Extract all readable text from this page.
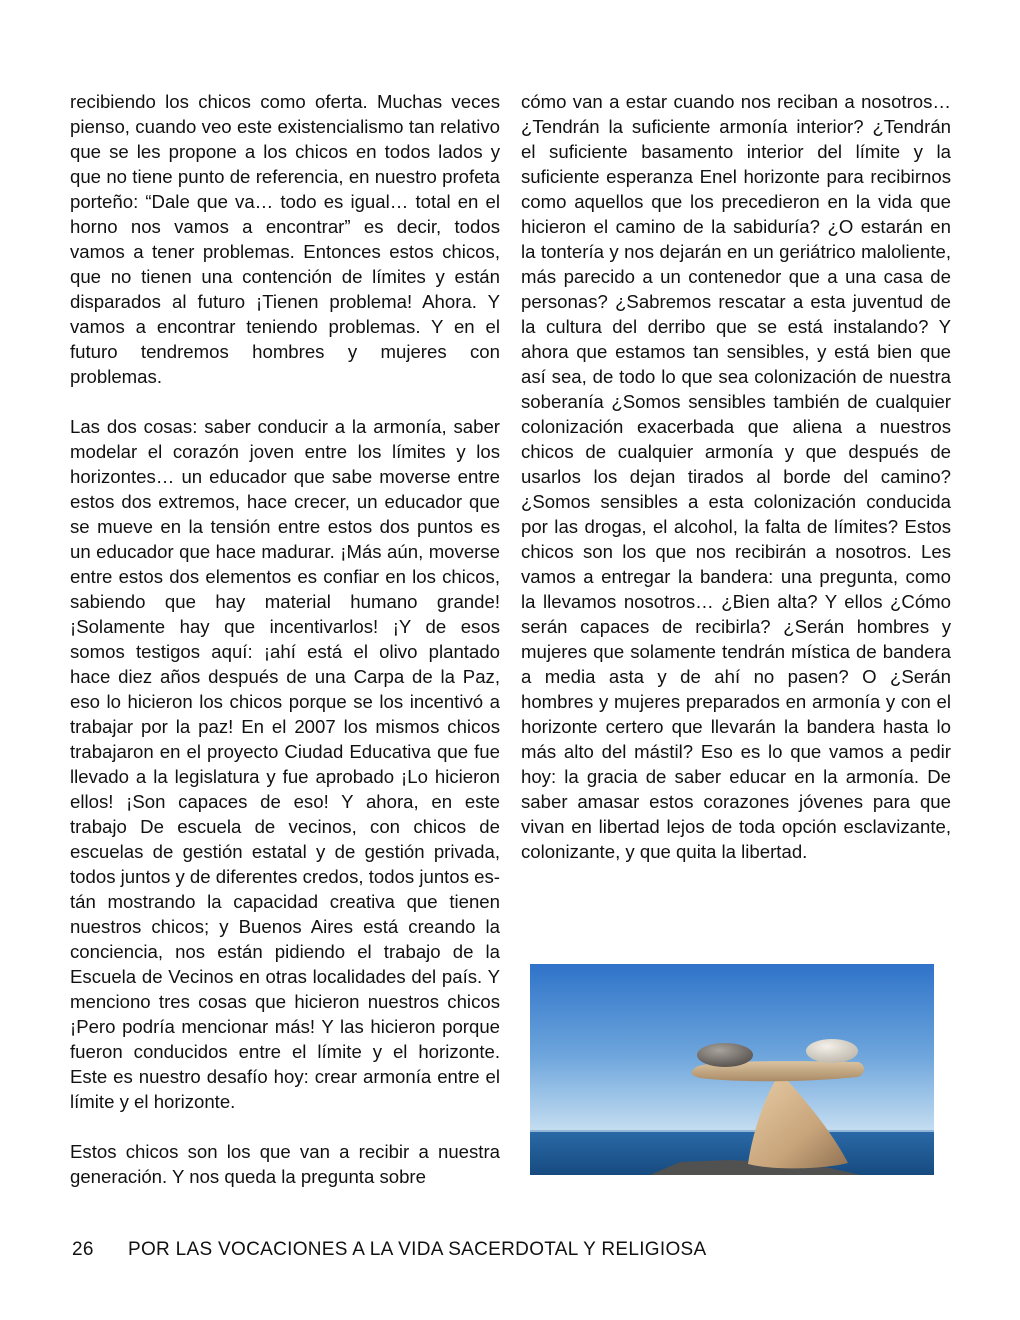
recibiendo los chicos como oferta. Muchas veces pienso, cuando veo este existencialismo tan relativo que se les propone a los chicos en todos lados y que no tiene punto de referencia, en nuestro profeta porteño: “Dale que va… todo es igual… total en el horno nos vamos a encontrar” es decir, todos vamos a tener problemas. Entonces estos chicos, que no tienen una contención de límites y están disparados al futuro ¡Tienen problema! Ahora. Y vamos a encontrar teniendo problemas. Y en el futuro tendremos hombres y mujeres con problemas.

Las dos cosas: saber conducir a la armonía, saber modelar el corazón joven entre los límites y los horizontes… un educador que sabe moverse entre estos dos extremos, hace crecer, un educador que se mueve en la tensión entre estos dos puntos es un educador que hace madurar. ¡Más aún, moverse entre estos dos elementos es confiar en los chicos, sabiendo que hay material humano grande! ¡Solamente hay que incentivarlos! ¡Y de esos somos testigos aquí: ¡ahí está el olivo plantado hace diez años después de una Carpa de la Paz, eso lo hicieron los chicos porque se los incentivó a trabajar por la paz! En el 2007 los mismos chicos trabajaron en el proyecto Ciudad Educativa que fue llevado a la legislatura y fue aprobado ¡Lo hicieron ellos! ¡Son capaces de eso! Y ahora, en este trabajo De escuela de vecinos, con chicos de escuelas de gestión estatal y de gestión privada, todos juntos y de diferentes credos, todos juntos están mostrando la capacidad creativa que tienen nuestros chicos; y Buenos Aires está creando la conciencia, nos están pidiendo el trabajo de la Escuela de Vecinos en otras localidades del país. Y menciono tres cosas que hicieron nuestros chicos ¡Pero podría mencionar más! Y las hicieron porque fueron conducidos entre el límite y el horizonte. Este es nuestro desafío hoy: crear armonía entre el límite y el horizonte.

Estos chicos son los que van a recibir a nuestra generación. Y nos queda la pregunta sobre

cómo van a estar cuando nos reciban a nosotros… ¿Tendrán la suficiente armonía interior? ¿Tendrán el suficiente basamento interior del límite y la suficiente esperanza Enel horizonte para recibirnos como aquellos que los precedieron en la vida que hicieron el camino de la sabiduría? ¿O estarán en la tontería y nos dejarán en un geriátrico maloliente, más parecido a un contenedor que a una casa de personas? ¿Sabremos rescatar a esta juventud de la cultura del derribo que se está instalando? Y ahora que estamos tan sensibles, y está bien que así sea, de todo lo que sea colonización de nuestra soberanía ¿Somos sensibles también de cualquier colonización exacerbada que aliena a nuestros chicos de cualquier armonía y que después de usarlos los dejan tirados al borde del camino? ¿Somos sensibles a esta colonización conducida por las drogas, el alcohol, la falta de límites? Estos chicos son los que nos recibirán a nosotros. Les vamos a entregar la bandera: una pregunta, como la llevamos nosotros… ¿Bien alta? Y ellos ¿Cómo serán capaces de recibirla? ¿Serán hombres y mujeres que solamente tendrán mística de bandera a media asta y de ahí no pasen? O ¿Serán hombres y mujeres preparados en armonía y con el horizonte certero que llevarán la bandera hasta lo más alto del mástil? Eso es lo que vamos a pedir hoy: la gracia de saber educar en la armonía. De saber amasar estos corazones jóvenes para que vivan en libertad lejos de toda opción esclavizante, colonizante, y que quita la libertad.

26 POR LAS VOCACIONES A LA VIDA SACERDOTAL Y RELIGIOSA
